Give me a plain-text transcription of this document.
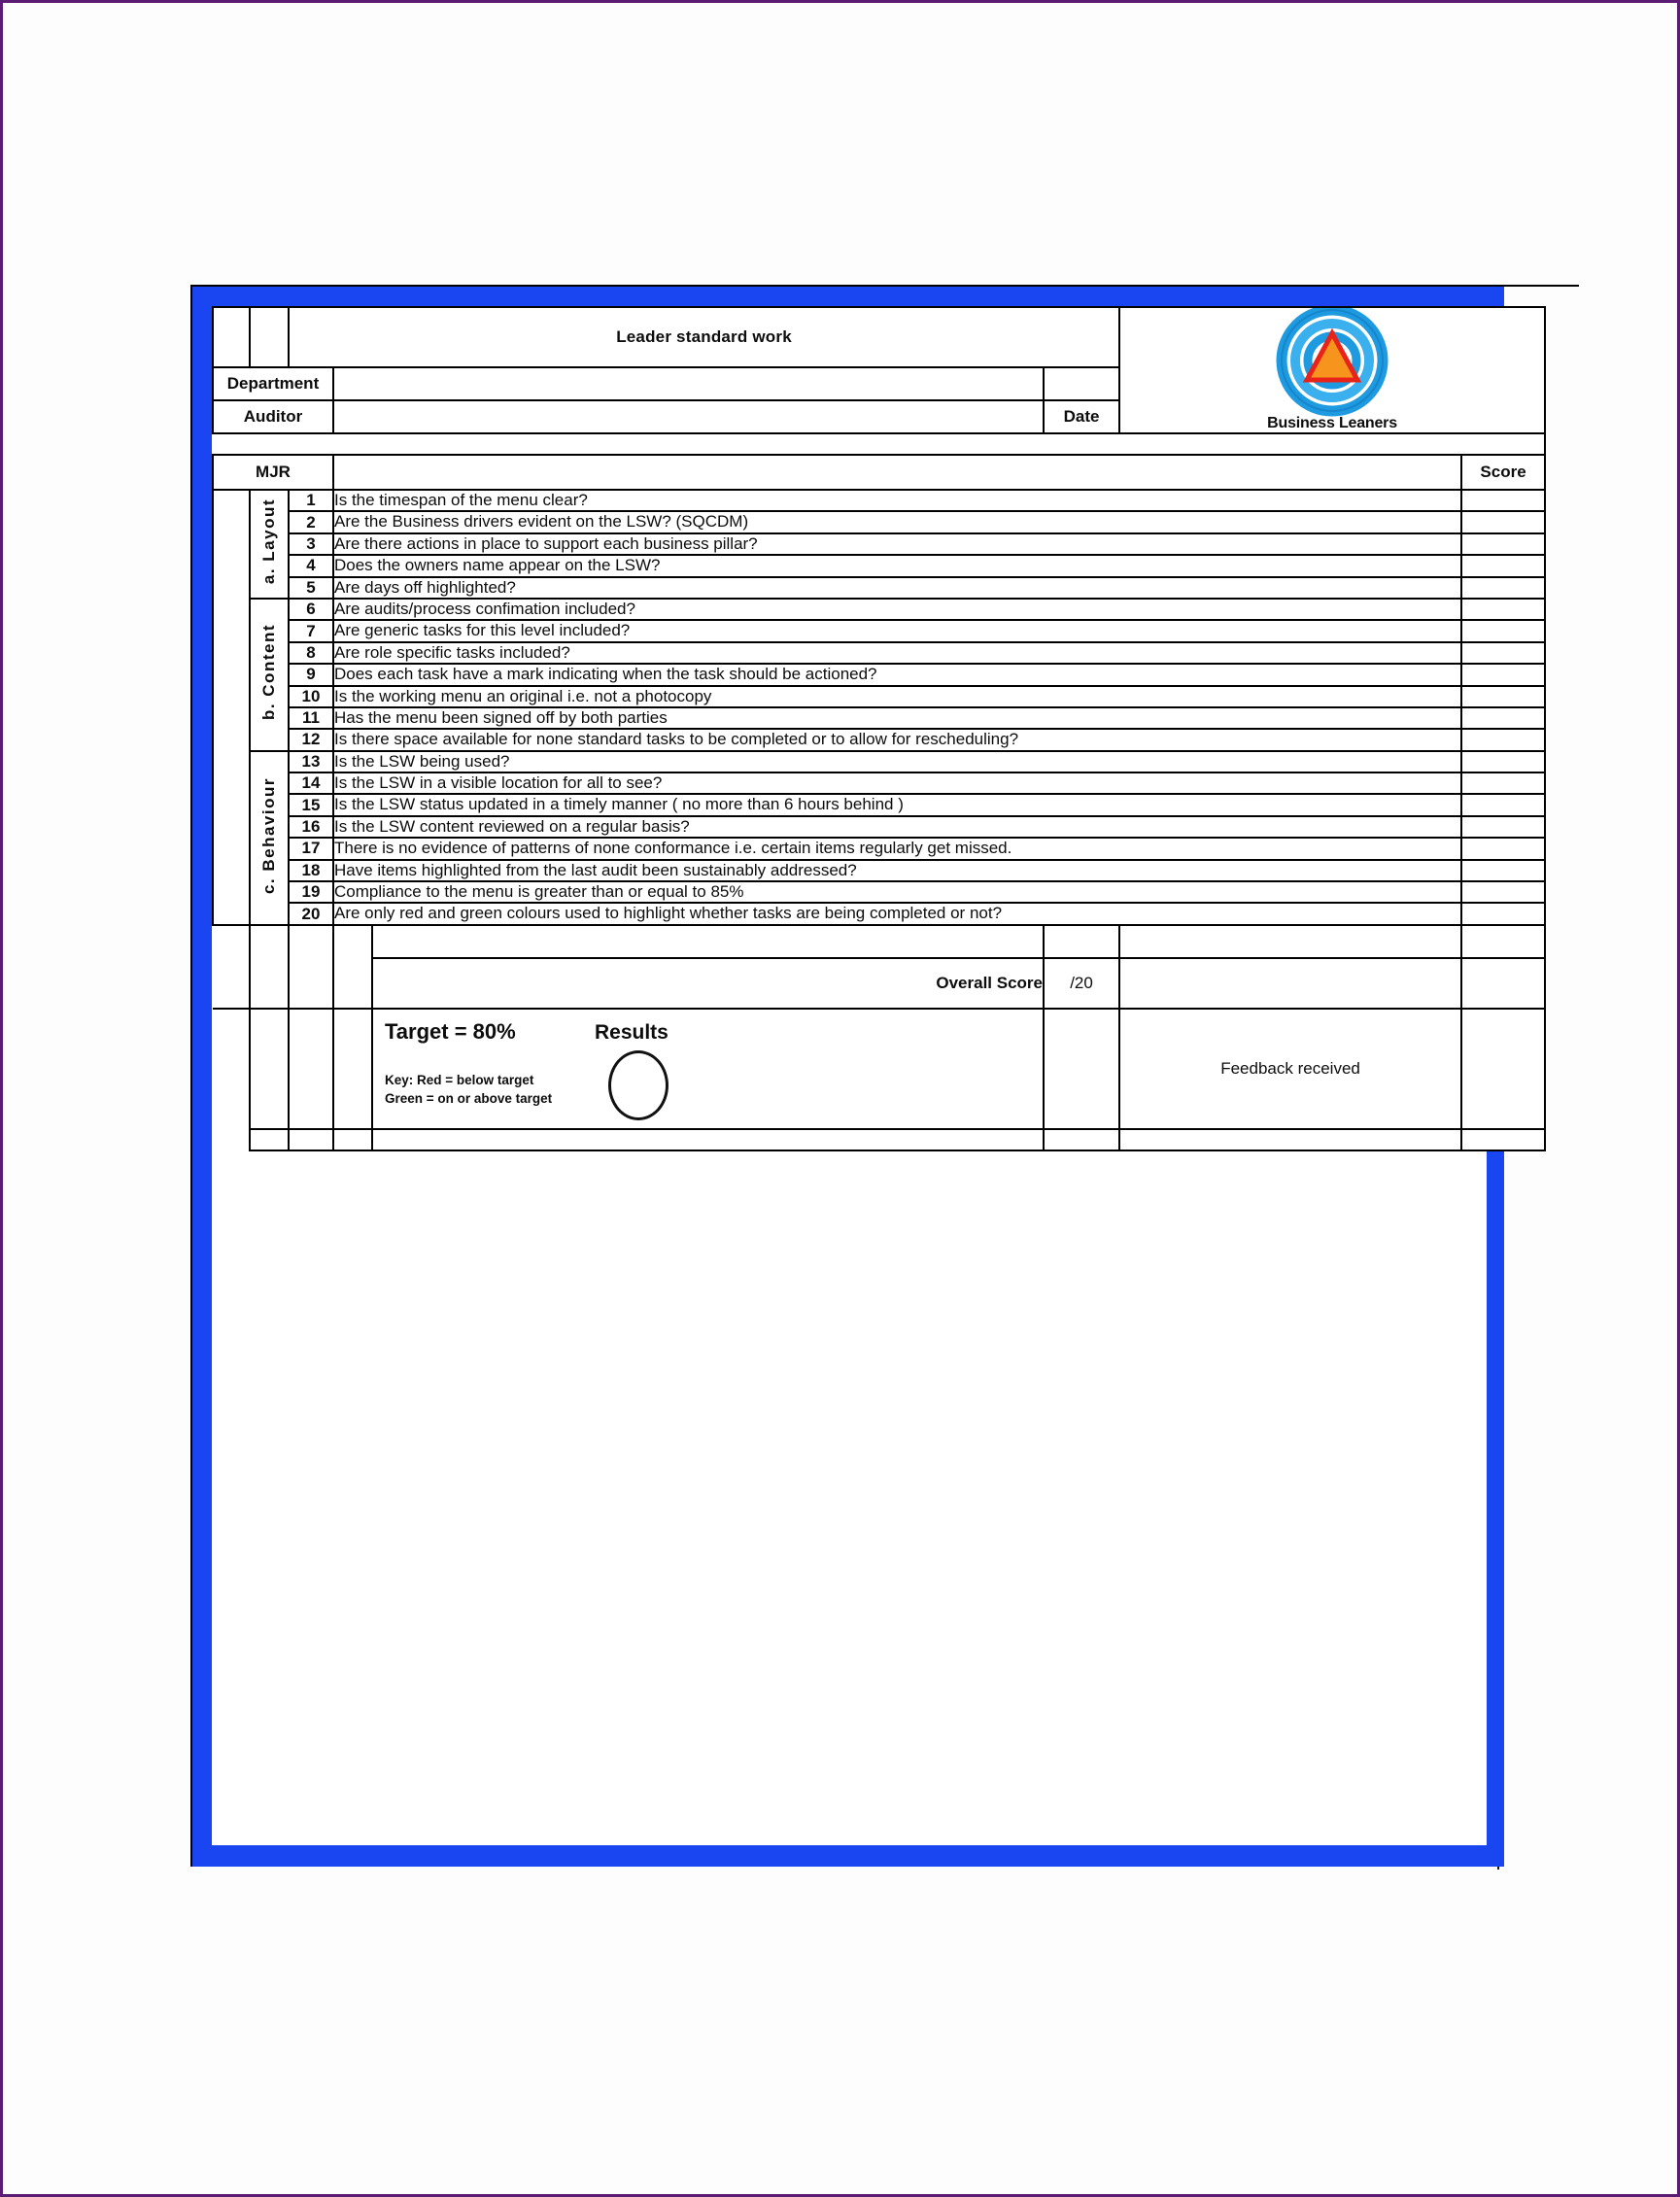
		Leader standard work				Business Leaners		

Department								
Auditor					Date			

MJR							Score	
	a. Layout	1	Is the timespan of the menu clear?					
		2	Are the Business drivers evident on the LSW? (SQCDM)					
		3	Are there actions in place to support each business pillar?					
		4	Does the owners name appear on the LSW?					
		5	Are days off highlighted?					
	b. Content	6	Are audits/process confimation included?					
		7	Are generic tasks for this level included?					
		8	Are role specific tasks included?					
		9	Does each task have a mark indicating when the task should be actioned?					
		10	Is the working menu an original i.e. not a photocopy					
		11	Has the menu been signed off by both parties					
		12	Is there space available for none standard tasks to be completed or to allow for rescheduling?					
	c. Behaviour	13	Is the LSW being used?					
		14	Is the LSW in a visible location for all to see?					
		15	Is the LSW status updated in a timely manner ( no more than 6 hours behind )					
		16	Is the LSW content reviewed on a regular basis?					
		17	There is no evidence of patterns of none conformance i.e. certain items regularly get missed.					
		18	Have items highlighted from the last audit been sustainably addressed?					
		19	Compliance to the menu is greater than or equal to 85%					
		20	Are only red and green colours used to highlight whether tasks are being completed or not?					

				Overall Score	/20			

				Target = 80% Results
Key: Red = below target
Green = on or above target		Feedback received		
